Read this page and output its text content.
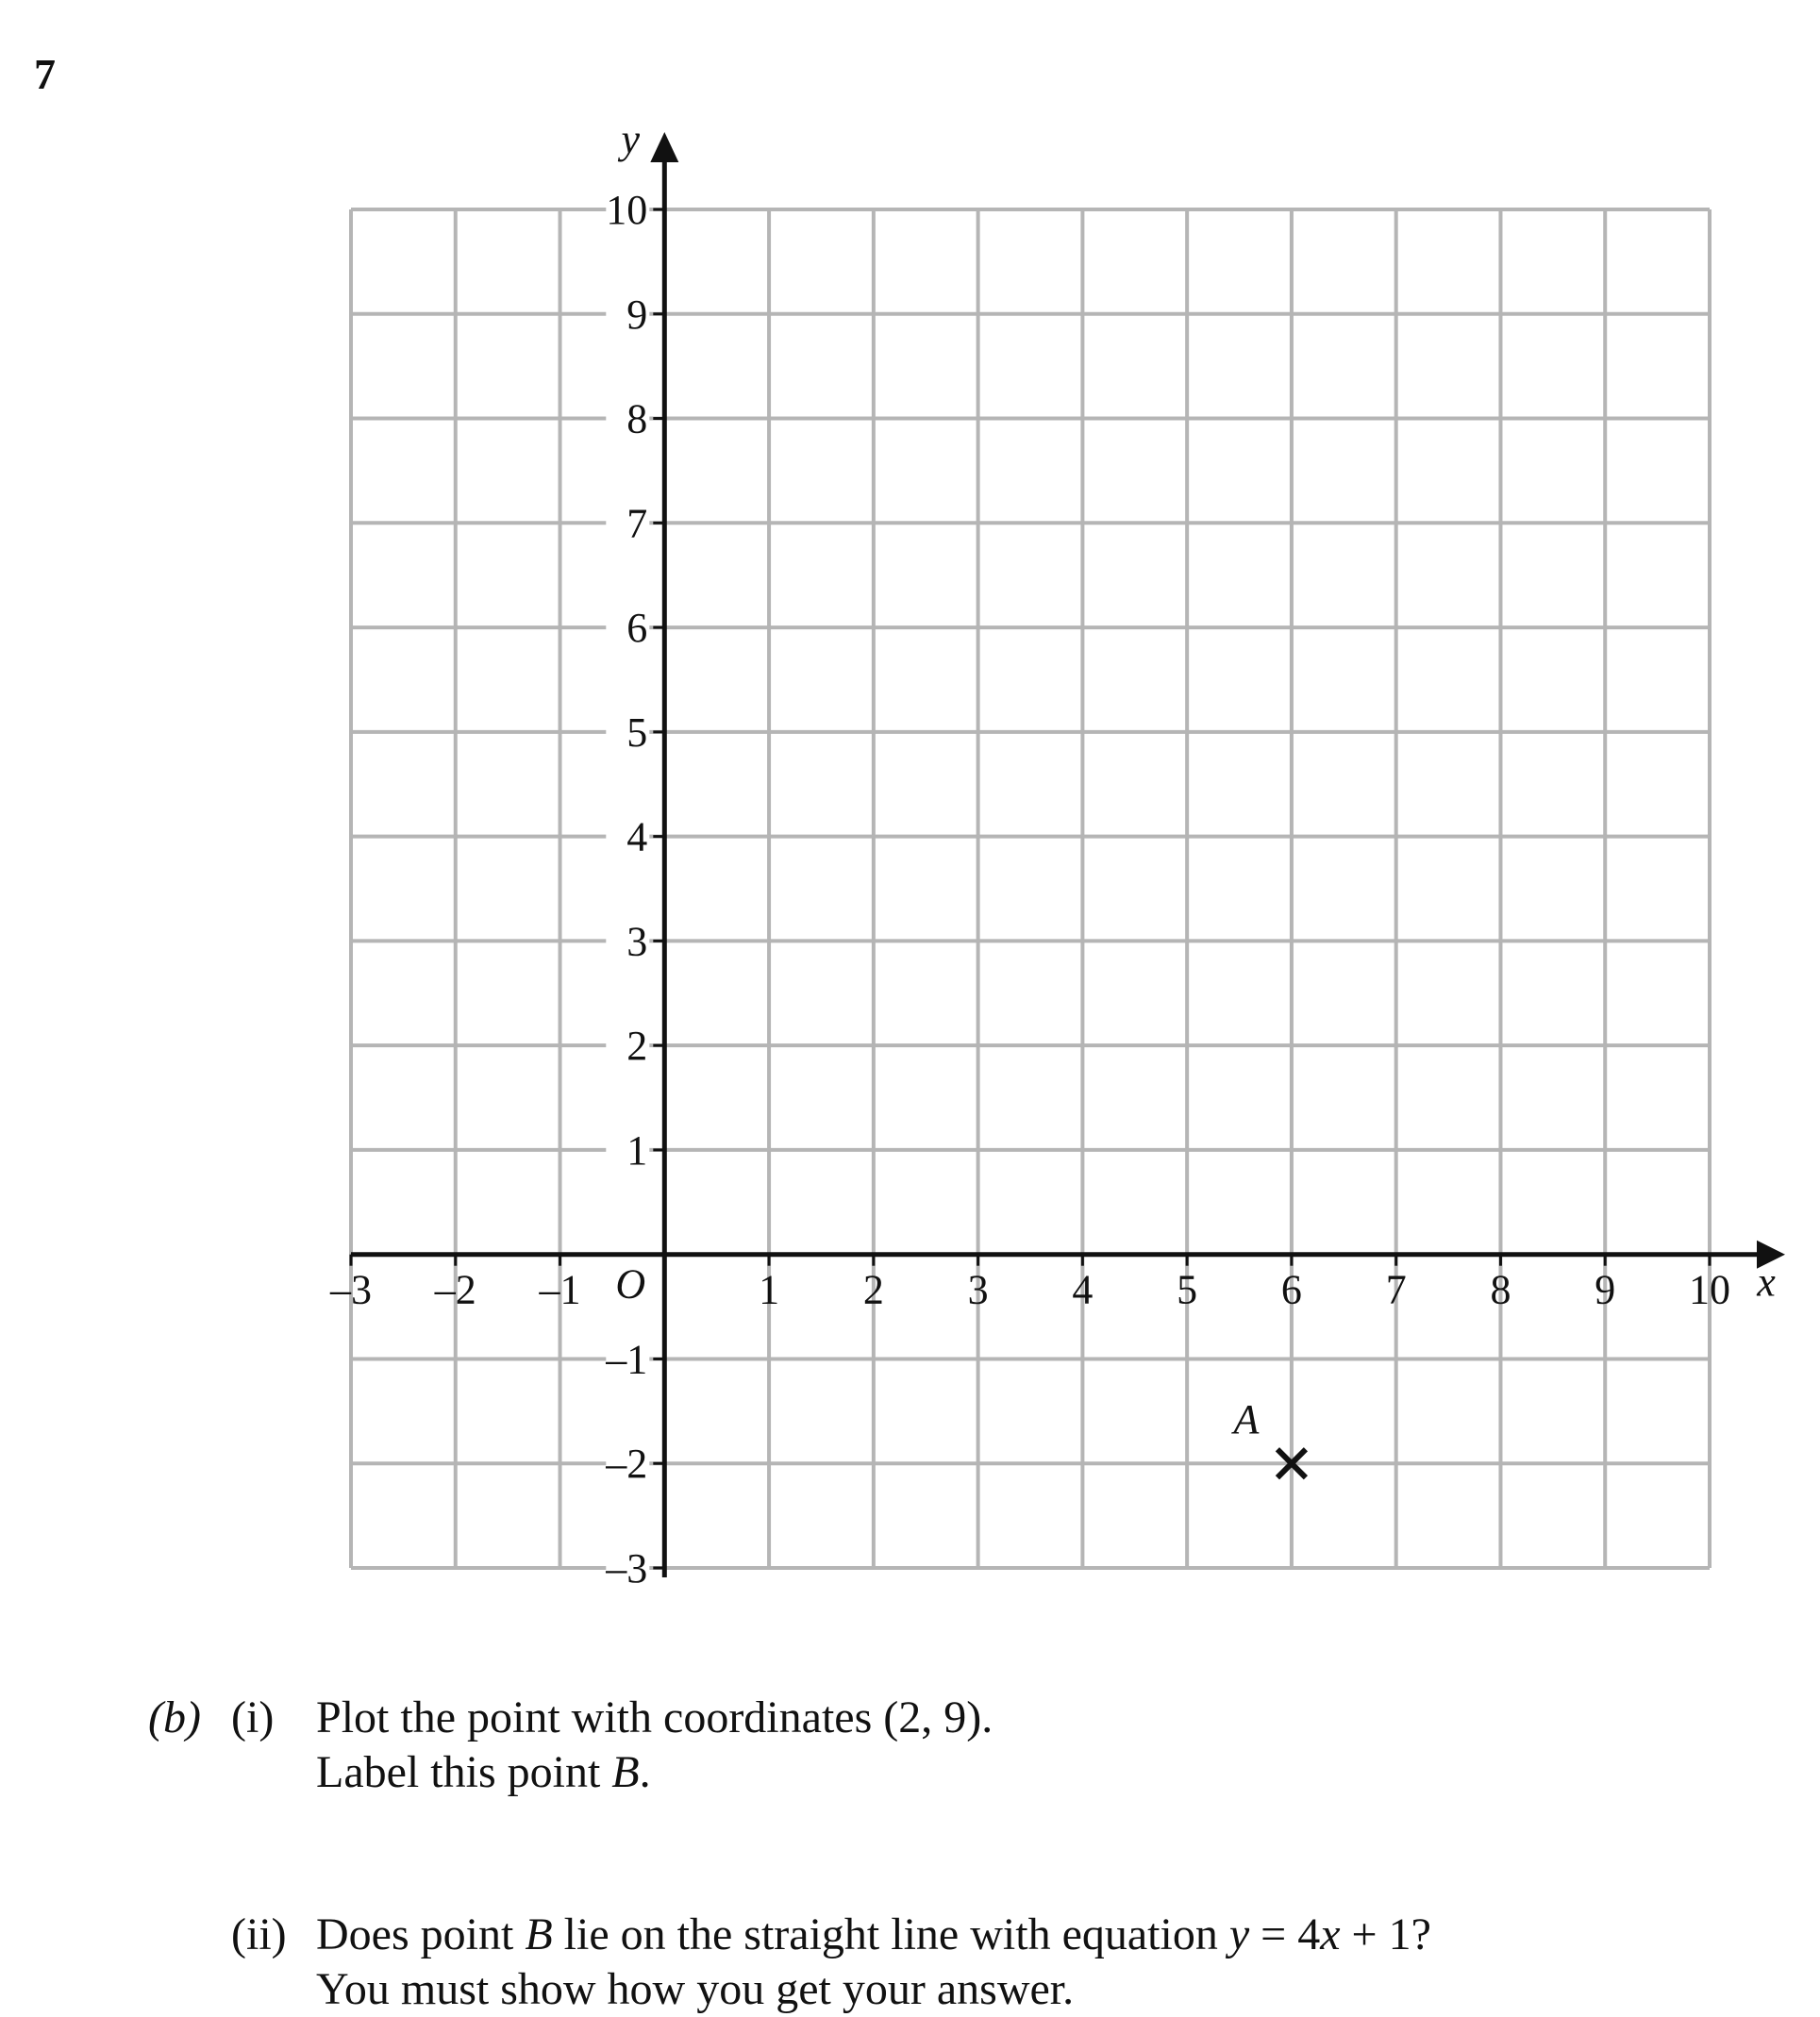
7
–3 –2 –1	1 2 3 4 5 6 7 8 9 10
10
9
8
7
6
5
4
3
2
1
–1
–2
–3
O	x
y
A
(b) (i) Plot the point with coordinates (2, 9).
Label this point B.
(ii) Does point B lie on the straight line with equation y = 4x + 1?
You must show how you get your answer.
